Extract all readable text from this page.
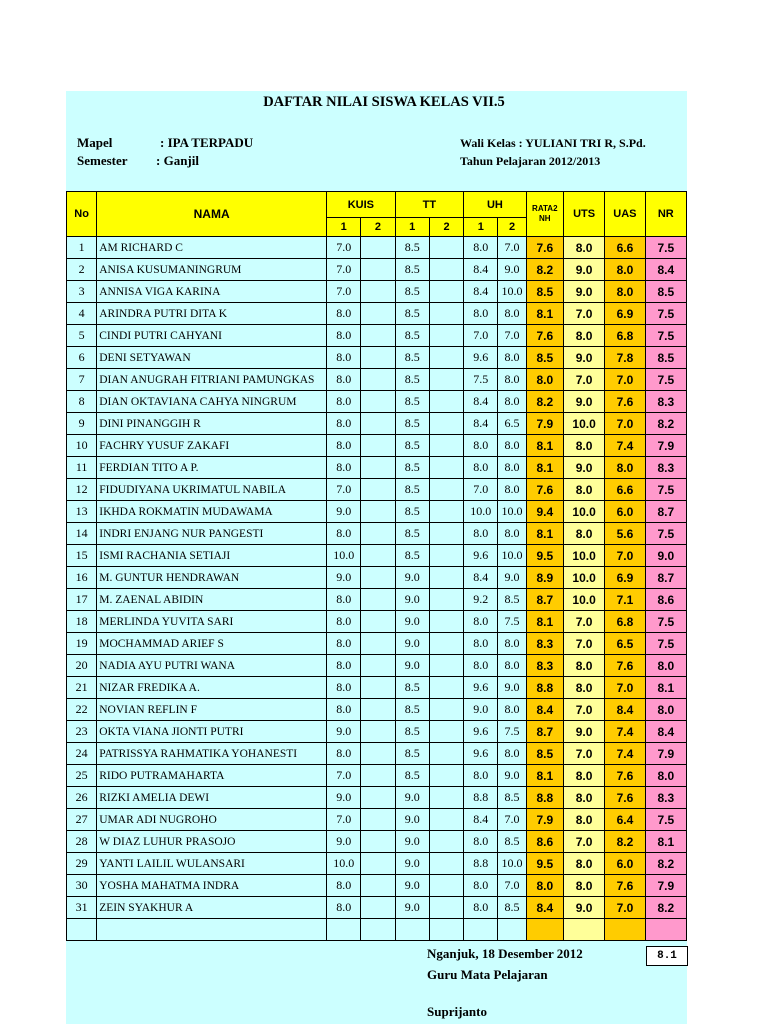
DAFTAR NILAI SISWA KELAS VII.5
Mapel	: IPA TERPADU
Semester : Ganjil
Wali Kelas : YULIANI TRI R, S.Pd.
Tahun Pelajaran 2012/2013
No	NAMA	KUIS		TT		UH		RATA2 NH	UTS	UAS	NR
		1	2	1	2	1	2				
1	AM RICHARD C	7.0		8.5		8.0	7.0	7.6	8.0	6.6	7.5
2	ANISA KUSUMANINGRUM	7.0		8.5		8.4	9.0	8.2	9.0	8.0	8.4
3	ANNISA VIGA KARINA	7.0		8.5		8.4	10.0	8.5	9.0	8.0	8.5
4	ARINDRA PUTRI DITA K	8.0		8.5		8.0	8.0	8.1	7.0	6.9	7.5
5	CINDI PUTRI CAHYANI	8.0		8.5		7.0	7.0	7.6	8.0	6.8	7.5
6	DENI SETYAWAN	8.0		8.5		9.6	8.0	8.5	9.0	7.8	8.5
7	DIAN ANUGRAH FITRIANI PAMUNGKAS	8.0		8.5		7.5	8.0	8.0	7.0	7.0	7.5
8	DIAN OKTAVIANA CAHYA NINGRUM	8.0		8.5		8.4	8.0	8.2	9.0	7.6	8.3
9	DINI PINANGGIH R	8.0		8.5		8.4	6.5	7.9	10.0	7.0	8.2
10	FACHRY YUSUF ZAKAFI	8.0		8.5		8.0	8.0	8.1	8.0	7.4	7.9
11	FERDIAN TITO A P.	8.0		8.5		8.0	8.0	8.1	9.0	8.0	8.3
12	FIDUDIYANA UKRIMATUL NABILA	7.0		8.5		7.0	8.0	7.6	8.0	6.6	7.5
13	IKHDA ROKMATIN MUDAWAMA	9.0		8.5		10.0	10.0	9.4	10.0	6.0	8.7
14	INDRI ENJANG NUR PANGESTI	8.0		8.5		8.0	8.0	8.1	8.0	5.6	7.5
15	ISMI RACHANIA SETIAJI	10.0		8.5		9.6	10.0	9.5	10.0	7.0	9.0
16	M. GUNTUR HENDRAWAN	9.0		9.0		8.4	9.0	8.9	10.0	6.9	8.7
17	M. ZAENAL ABIDIN	8.0		9.0		9.2	8.5	8.7	10.0	7.1	8.6
18	MERLINDA YUVITA SARI	8.0		9.0		8.0	7.5	8.1	7.0	6.8	7.5
19	MOCHAMMAD ARIEF S	8.0		9.0		8.0	8.0	8.3	7.0	6.5	7.5
20	NADIA AYU PUTRI WANA	8.0		9.0		8.0	8.0	8.3	8.0	7.6	8.0
21	NIZAR FREDIKA A.	8.0		8.5		9.6	9.0	8.8	8.0	7.0	8.1
22	NOVIAN REFLIN F	8.0		8.5		9.0	8.0	8.4	7.0	8.4	8.0
23	OKTA VIANA JIONTI PUTRI	9.0		8.5		9.6	7.5	8.7	9.0	7.4	8.4
24	PATRISSYA RAHMATIKA YOHANESTI	8.0		8.5		9.6	8.0	8.5	7.0	7.4	7.9
25	RIDO PUTRAMAHARTA	7.0		8.5		8.0	9.0	8.1	8.0	7.6	8.0
26	RIZKI AMELIA DEWI	9.0		9.0		8.8	8.5	8.8	8.0	7.6	8.3
27	UMAR ADI NUGROHO	7.0		9.0		8.4	7.0	7.9	8.0	6.4	7.5
28	W DIAZ LUHUR PRASOJO	9.0		9.0		8.0	8.5	8.6	7.0	8.2	8.1
29	YANTI LAILIL WULANSARI	10.0		9.0		8.8	10.0	9.5	8.0	6.0	8.2
30	YOSHA MAHATMA INDRA	8.0		9.0		8.0	7.0	8.0	8.0	7.6	7.9
31	ZEIN SYAKHUR A	8.0		9.0		8.0	8.5	8.4	9.0	7.0	8.2

Nganjuk, 18 Desember 2012
Guru Mata Pelajaran
Suprijanto
8.1
